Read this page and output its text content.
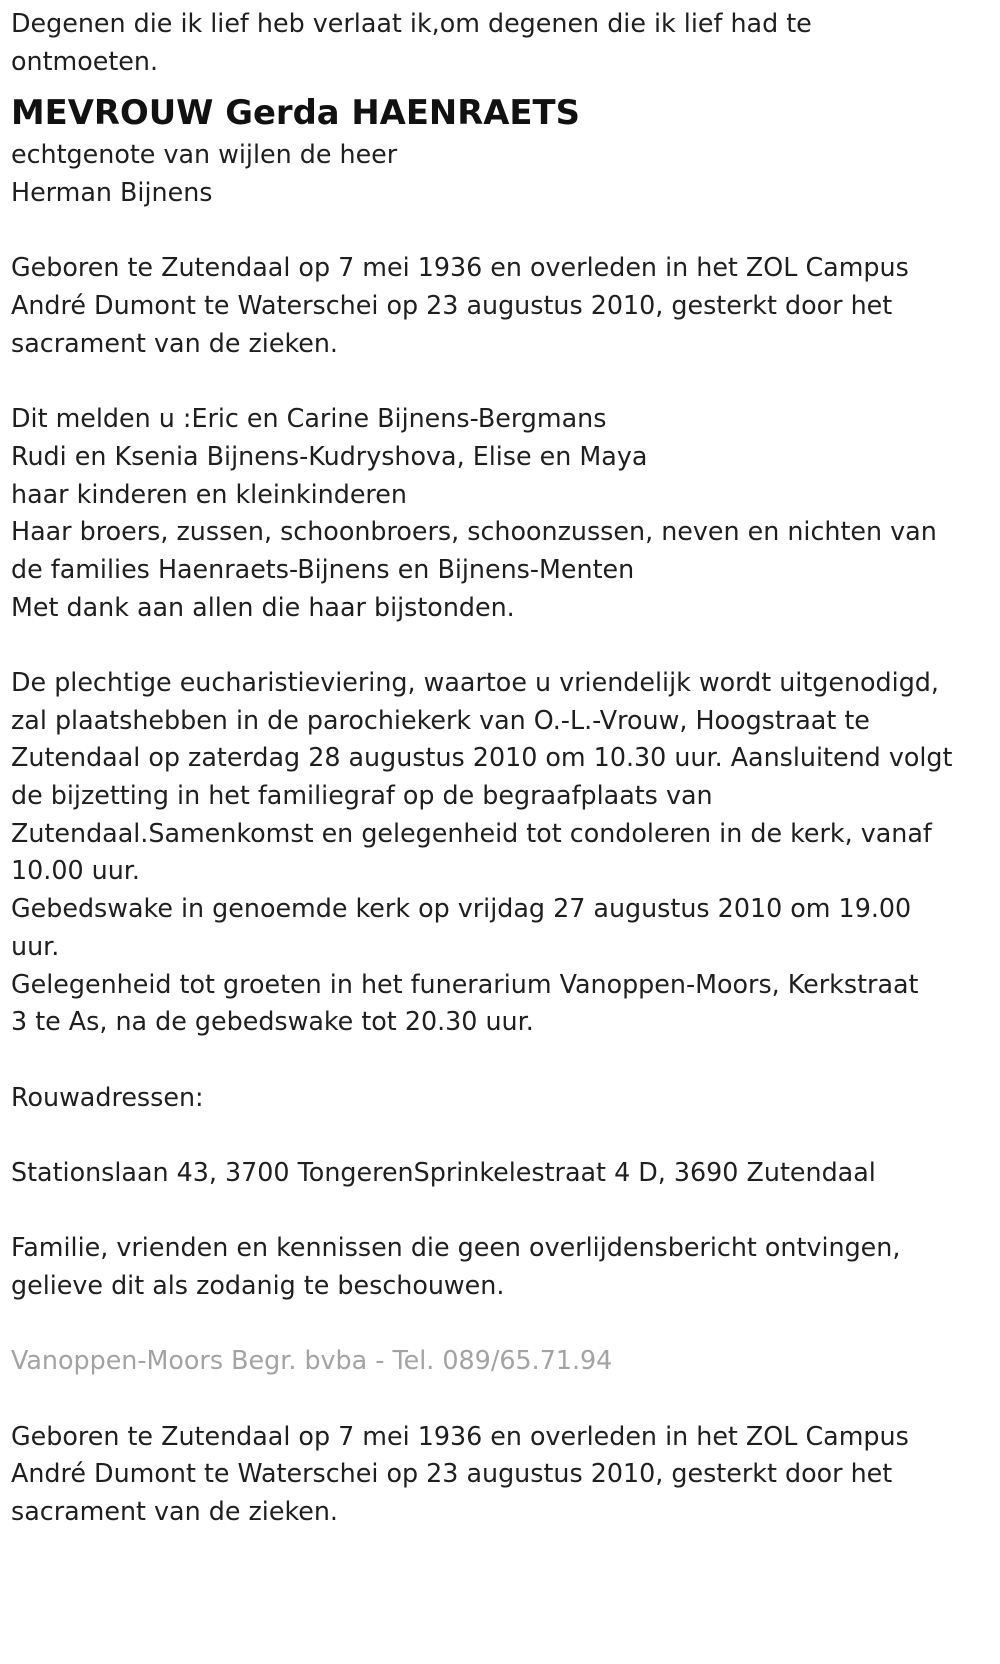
Degenen die ik lief heb verlaat ik,om degenen die ik lief had te
ontmoeten.
MEVROUW Gerda HAENRAETS
echtgenote van wijlen de heer
Herman Bijnens
Geboren te Zutendaal op 7 mei 1936 en overleden in het ZOL Campus
André Dumont te Waterschei op 23 augustus 2010, gesterkt door het
sacrament van de zieken.
Dit melden u :Eric en Carine Bijnens-Bergmans
Rudi en Ksenia Bijnens-Kudryshova, Elise en Maya
haar kinderen en kleinkinderen
Haar broers, zussen, schoonbroers, schoonzussen, neven en nichten van
de families Haenraets-Bijnens en Bijnens-Menten
Met dank aan allen die haar bijstonden.
De plechtige eucharistieviering, waartoe u vriendelijk wordt uitgenodigd,
zal plaatshebben in de parochiekerk van O.-L.-Vrouw, Hoogstraat te
Zutendaal op zaterdag 28 augustus 2010 om 10.30 uur. Aansluitend volgt
de bijzetting in het familiegraf op de begraafplaats van
Zutendaal.Samenkomst en gelegenheid tot condoleren in de kerk, vanaf
10.00 uur.
Gebedswake in genoemde kerk op vrijdag 27 augustus 2010 om 19.00
uur.
Gelegenheid tot groeten in het funerarium Vanoppen-Moors, Kerkstraat
3 te As, na de gebedswake tot 20.30 uur.
Rouwadressen:
Stationslaan 43, 3700 TongerenSprinkelestraat 4 D, 3690 Zutendaal
Familie, vrienden en kennissen die geen overlijdensbericht ontvingen,
gelieve dit als zodanig te beschouwen.
Vanoppen-Moors Begr. bvba - Tel. 089/65.71.94
Geboren te Zutendaal op 7 mei 1936 en overleden in het ZOL Campus
André Dumont te Waterschei op 23 augustus 2010, gesterkt door het
sacrament van de zieken.
